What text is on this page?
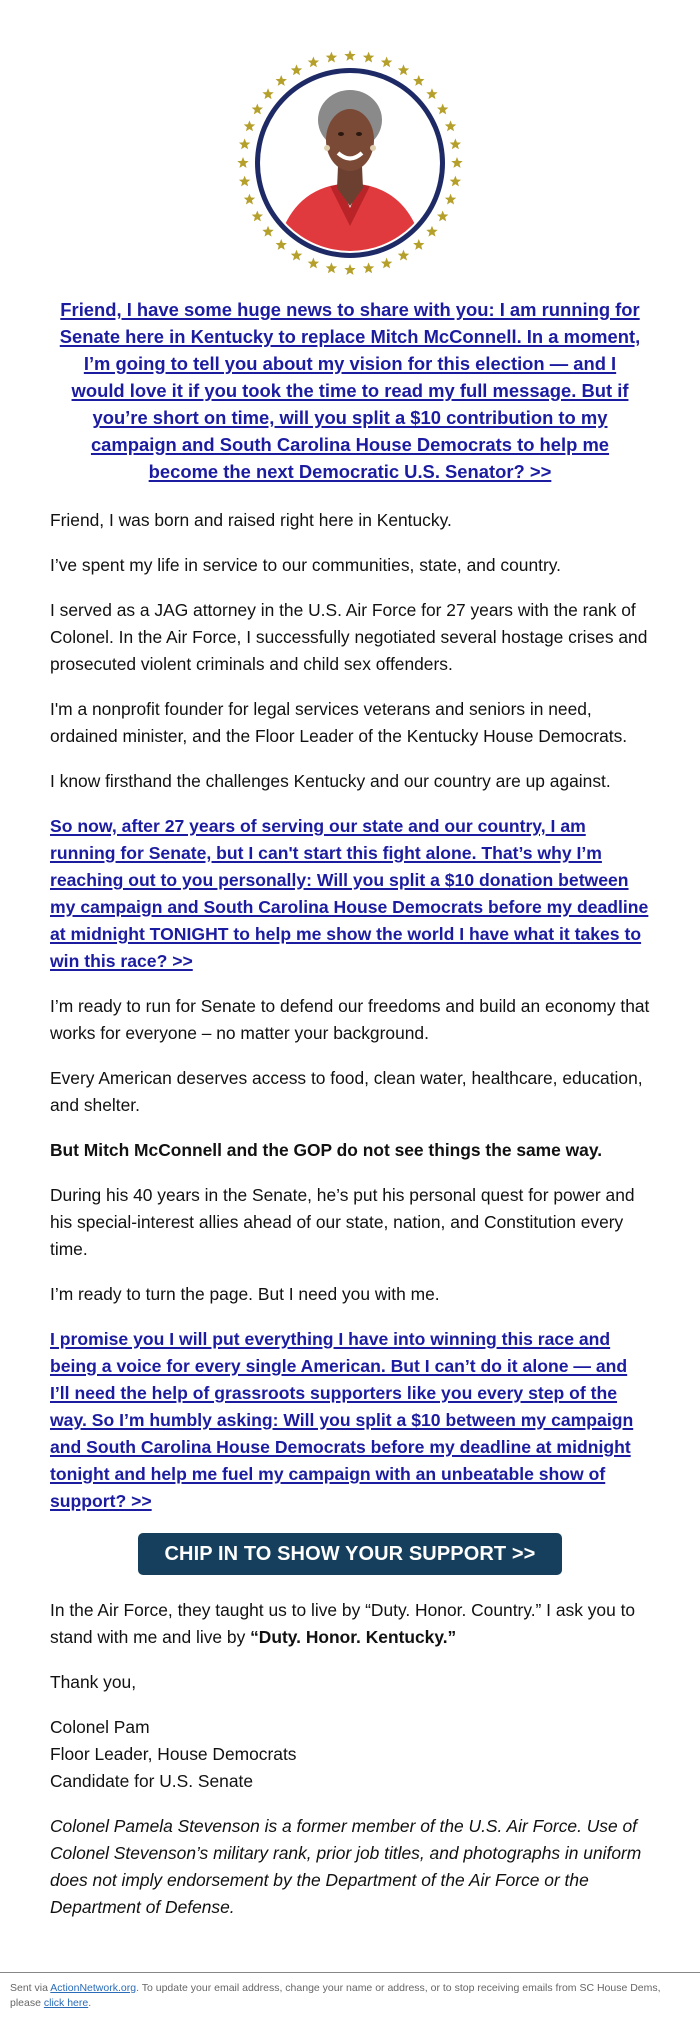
Friend, I have some huge news to share with you: I am running for Senate here in Kentucky to replace Mitch McConnell. In a moment, I’m going to tell you about my vision for this election — and I would love it if you took the time to read my full message. But if you’re short on time, will you split a $10 contribution to my campaign and South Carolina House Democrats to help me become the next Democratic U.S. Senator? >>

Friend, I was born and raised right here in Kentucky.

I’ve spent my life in service to our communities, state, and country.

I served as a JAG attorney in the U.S. Air Force for 27 years with the rank of Colonel. In the Air Force, I successfully negotiated several hostage crises and prosecuted violent criminals and child sex offenders.

I'm a nonprofit founder for legal services veterans and seniors in need, ordained minister, and the Floor Leader of the Kentucky House Democrats.

I know firsthand the challenges Kentucky and our country are up against.

So now, after 27 years of serving our state and our country, I am running for Senate, but I can't start this fight alone. That’s why I’m reaching out to you personally: Will you split a $10 donation between my campaign and South Carolina House Democrats before my deadline at midnight TONIGHT to help me show the world I have what it takes to win this race? >>

I’m ready to run for Senate to defend our freedoms and build an economy that works for everyone – no matter your background.

Every American deserves access to food, clean water, healthcare, education, and shelter.

But Mitch McConnell and the GOP do not see things the same way.

During his 40 years in the Senate, he’s put his personal quest for power and his special-interest allies ahead of our state, nation, and Constitution every time.

I’m ready to turn the page. But I need you with me.

I promise you I will put everything I have into winning this race and being a voice for every single American. But I can’t do it alone — and I’ll need the help of grassroots supporters like you every step of the way. So I’m humbly asking: Will you split a $10 between my campaign and South Carolina House Democrats before my deadline at midnight tonight and help me fuel my campaign with an unbeatable show of support? >>

CHIP IN TO SHOW YOUR SUPPORT >>

In the Air Force, they taught us to live by “Duty. Honor. Country.” I ask you to stand with me and live by “Duty. Honor. Kentucky.”

Thank you,

Colonel Pam
Floor Leader, House Democrats
Candidate for U.S. Senate

Colonel Pamela Stevenson is a former member of the U.S. Air Force. Use of Colonel Stevenson’s military rank, prior job titles, and photographs in uniform does not imply endorsement by the Department of the Air Force or the Department of Defense.

Sent via ActionNetwork.org. To update your email address, change your name or address, or to stop receiving emails from SC House Dems, please click here.
